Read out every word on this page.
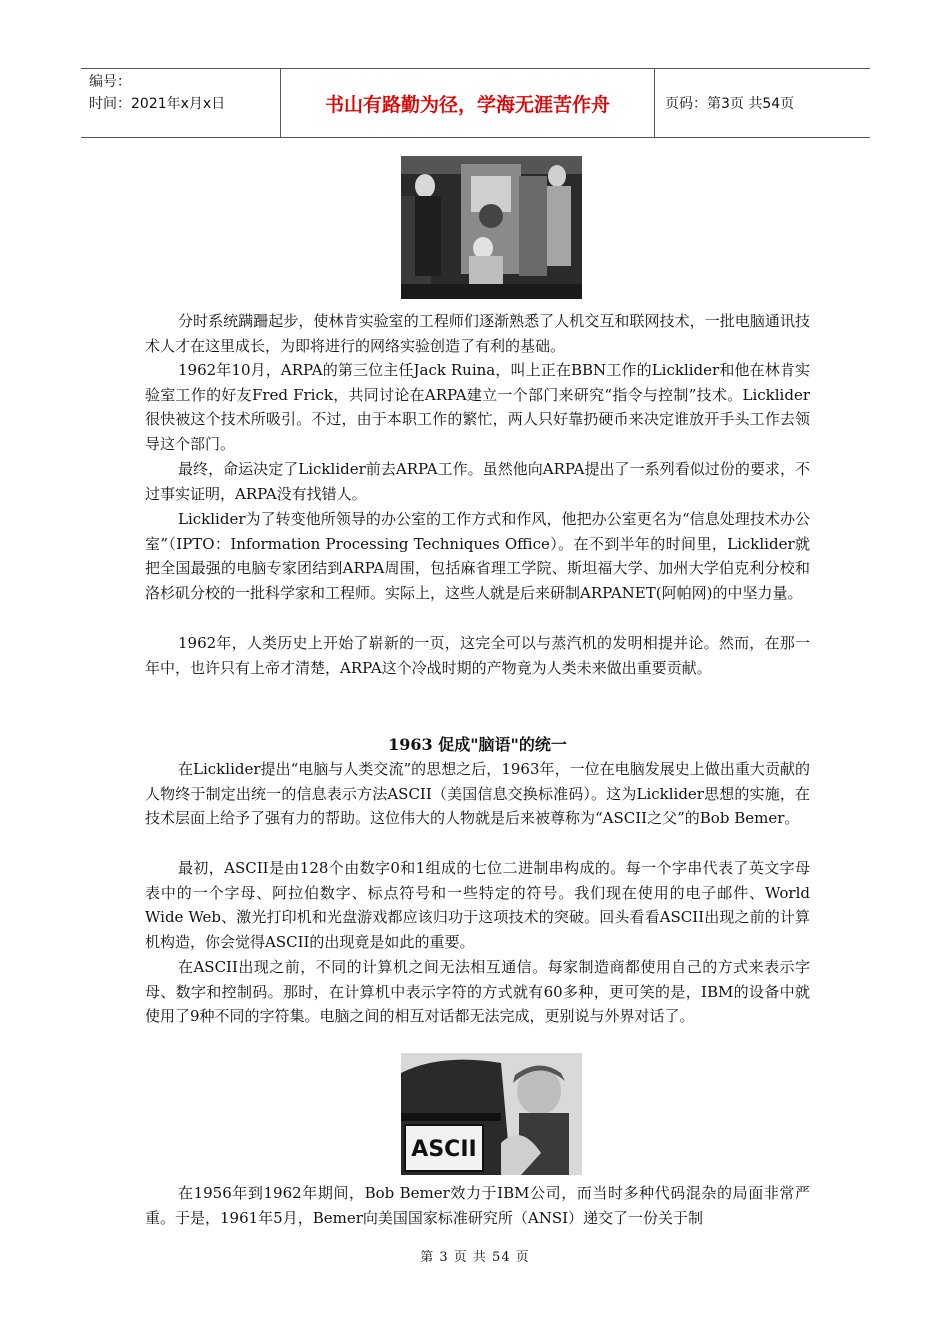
编号：
时间：2021年x月x日	书山有路勤为径，学海无涯苦作舟	页码：第3页 共54页

分时系统蹒跚起步，使林肯实验室的工程师们逐渐熟悉了人机交互和联网技术，一批电脑通讯技术人才在这里成长，为即将进行的网络实验创造了有利的基础。

1962年10月，ARPA的第三位主任Jack Ruina，叫上正在BBN工作的Licklider和他在林肯实验室工作的好友Fred Frick，共同讨论在ARPA建立一个部门来研究“指令与控制”技术。Licklider很快被这个技术所吸引。不过，由于本职工作的繁忙，两人只好靠扔硬币来决定谁放开手头工作去领导这个部门。

最终，命运决定了Licklider前去ARPA工作。虽然他向ARPA提出了一系列看似过份的要求，不过事实证明，ARPA没有找错人。

Licklider为了转变他所领导的办公室的工作方式和作风，他把办公室更名为“信息处理技术办公室”（IPTO：Information Processing Techniques Office）。在不到半年的时间里，Licklider就把全国最强的电脑专家团结到ARPA周围，包括麻省理工学院、斯坦福大学、加州大学伯克利分校和洛杉矶分校的一批科学家和工程师。实际上，这些人就是后来研制ARPANET(阿帕网)的中坚力量。

1962年，人类历史上开始了崭新的一页，这完全可以与蒸汽机的发明相提并论。然而，在那一年中，也许只有上帝才清楚，ARPA这个冷战时期的产物竟为人类未来做出重要贡献。

1963 促成"脑语"的统一

在Licklider提出“电脑与人类交流”的思想之后，1963年，一位在电脑发展史上做出重大贡献的人物终于制定出统一的信息表示方法ASCII（美国信息交换标准码）。这为Licklider思想的实施，在技术层面上给予了强有力的帮助。这位伟大的人物就是后来被尊称为“ASCII之父”的Bob Bemer。

最初，ASCII是由128个由数字0和1组成的七位二进制串构成的。每一个字串代表了英文字母表中的一个字母、阿拉伯数字、标点符号和一些特定的符号。我们现在使用的电子邮件、World Wide Web、激光打印机和光盘游戏都应该归功于这项技术的突破。回头看看ASCII出现之前的计算机构造，你会觉得ASCII的出现竟是如此的重要。

在ASCII出现之前，不同的计算机之间无法相互通信。每家制造商都使用自己的方式来表示字母、数字和控制码。那时，在计算机中表示字符的方式就有60多种，更可笑的是，IBM的设备中就使用了9种不同的字符集。电脑之间的相互对话都无法完成，更别说与外界对话了。

ASCII

在1956年到1962年期间，Bob Bemer效力于IBM公司，而当时多种代码混杂的局面非常严重。于是，1961年5月，Bemer向美国国家标准研究所（ANSI）递交了一份关于制

第 3 页 共 54 页
